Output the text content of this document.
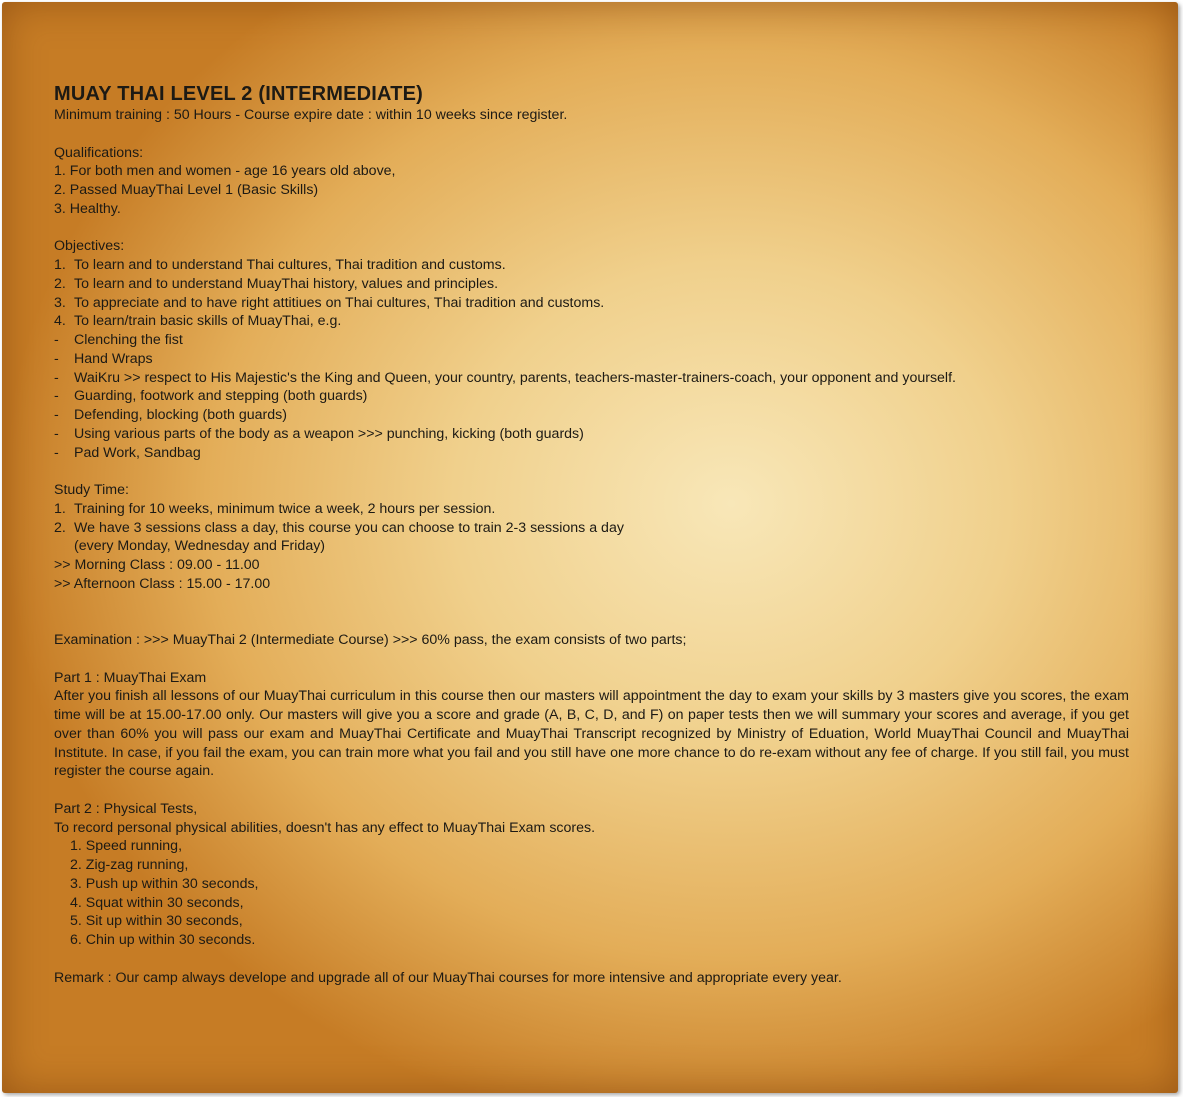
MUAY THAI LEVEL 2 (INTERMEDIATE)
Minimum training : 50 Hours - Course expire date : within 10 weeks since register.
Qualifications:
1. For both men and women - age 16 years old above,
2. Passed MuayThai Level 1 (Basic Skills)
3. Healthy.
Objectives:
1. To learn and to understand Thai cultures, Thai tradition and customs.
2. To learn and to understand MuayThai history, values and principles.
3. To appreciate and to have right attitiues on Thai cultures, Thai tradition and customs.
4. To learn/train basic skills of MuayThai, e.g.
- Clenching the fist
- Hand Wraps
- WaiKru >> respect to His Majestic's the King and Queen, your country, parents, teachers-master-trainers-coach, your opponent and yourself.
- Guarding, footwork and stepping (both guards)
- Defending, blocking (both guards)
- Using various parts of the body as a weapon >>> punching, kicking (both guards)
- Pad Work, Sandbag
Study Time:
1. Training for 10 weeks, minimum twice a week, 2 hours per session.
2. We have 3 sessions class a day, this course you can choose to train 2-3 sessions a day
(every Monday, Wednesday and Friday)
>> Morning Class : 09.00 - 11.00
>> Afternoon Class : 15.00 - 17.00
Examination : >>> MuayThai 2 (Intermediate Course) >>> 60% pass, the exam consists of two parts;
Part 1 : MuayThai Exam
After you finish all lessons of our MuayThai curriculum in this course then our masters will appointment the day to exam your skills by 3 masters give you scores, the exam time will be at 15.00-17.00 only. Our masters will give you a score and grade (A, B, C, D, and F) on paper tests then we will summary your scores and average, if you get over than 60% you will pass our exam and MuayThai Certificate and MuayThai Transcript recognized by Ministry of Eduation, World MuayThai Council and MuayThai Institute. In case, if you fail the exam, you can train more what you fail and you still have one more chance to do re-exam without any fee of charge. If you still fail, you must register the course again.
Part 2 : Physical Tests,
To record personal physical abilities, doesn't has any effect to MuayThai Exam scores.
1. Speed running,
2. Zig-zag running,
3. Push up within 30 seconds,
4. Squat within 30 seconds,
5. Sit up within 30 seconds,
6. Chin up within 30 seconds.
Remark : Our camp always develope and upgrade all of our MuayThai courses for more intensive and appropriate every year.
